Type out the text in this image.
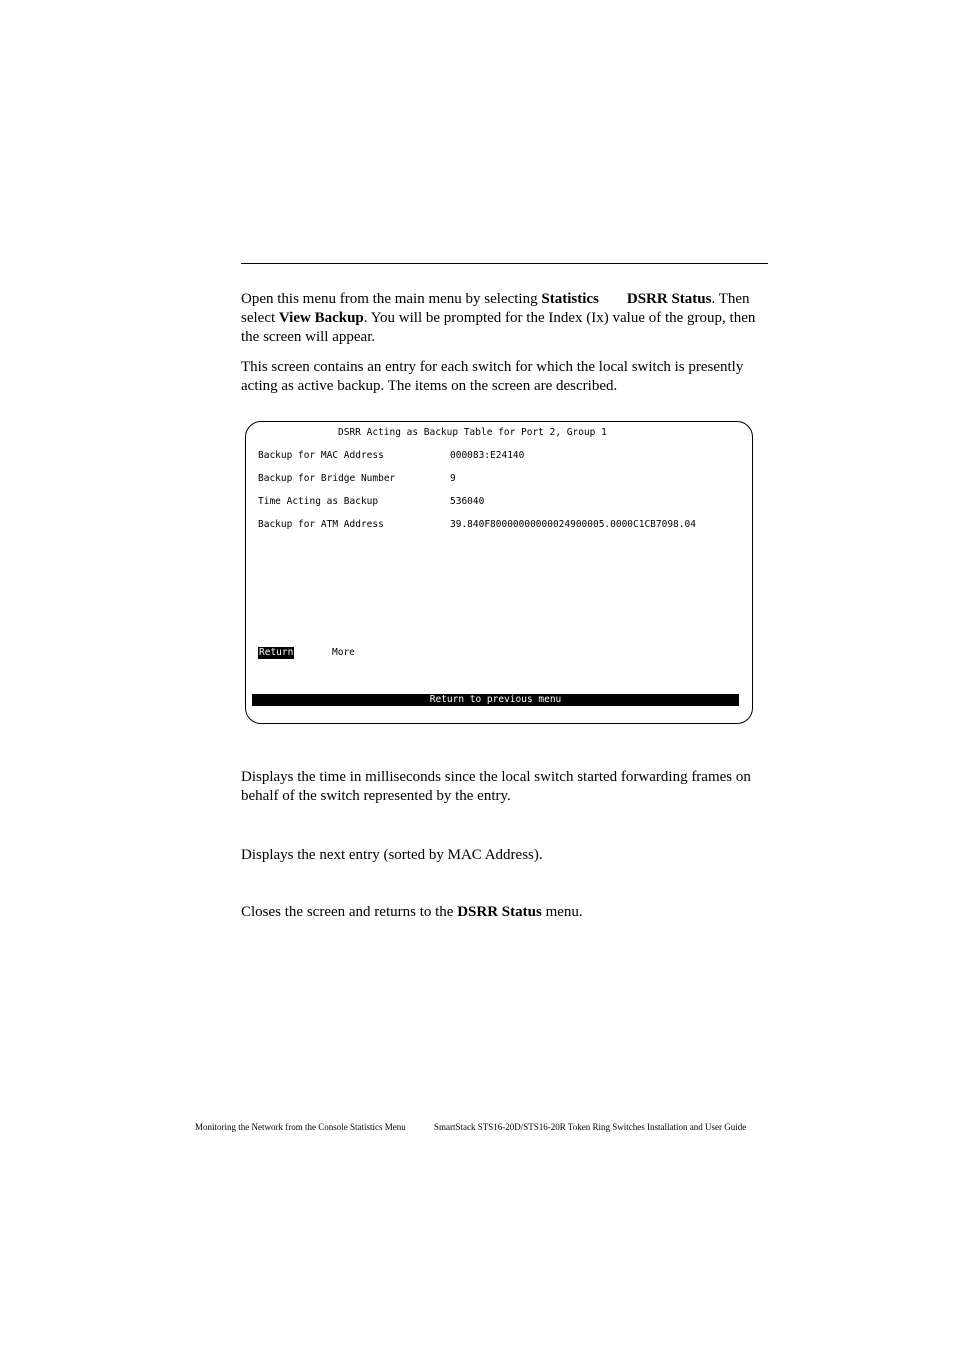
Open this menu from the main menu by selecting Statistics DSRR Status. Then select View Backup. You will be prompted for the Index (Ix) value of the group, then the screen will appear.

This screen contains an entry for each switch for which the local switch is presently acting as active backup. The items on the screen are described.

DSRR Acting as Backup Table for Port 2, Group 1
Backup for MAC Address	000083:E24140
Backup for Bridge Number	9
Time Acting as Backup	536040
Backup for ATM Address	39.840F80000000000024900005.0000C1CB7098.04
Return	More
Return to previous menu

Displays the time in milliseconds since the local switch started forwarding frames on behalf of the switch represented by the entry.

Displays the next entry (sorted by MAC Address).

Closes the screen and returns to the DSRR Status menu.

Monitoring the Network from the Console Statistics Menu	SmartStack STS16-20D/STS16-20R Token Ring Switches Installation and User Guide
